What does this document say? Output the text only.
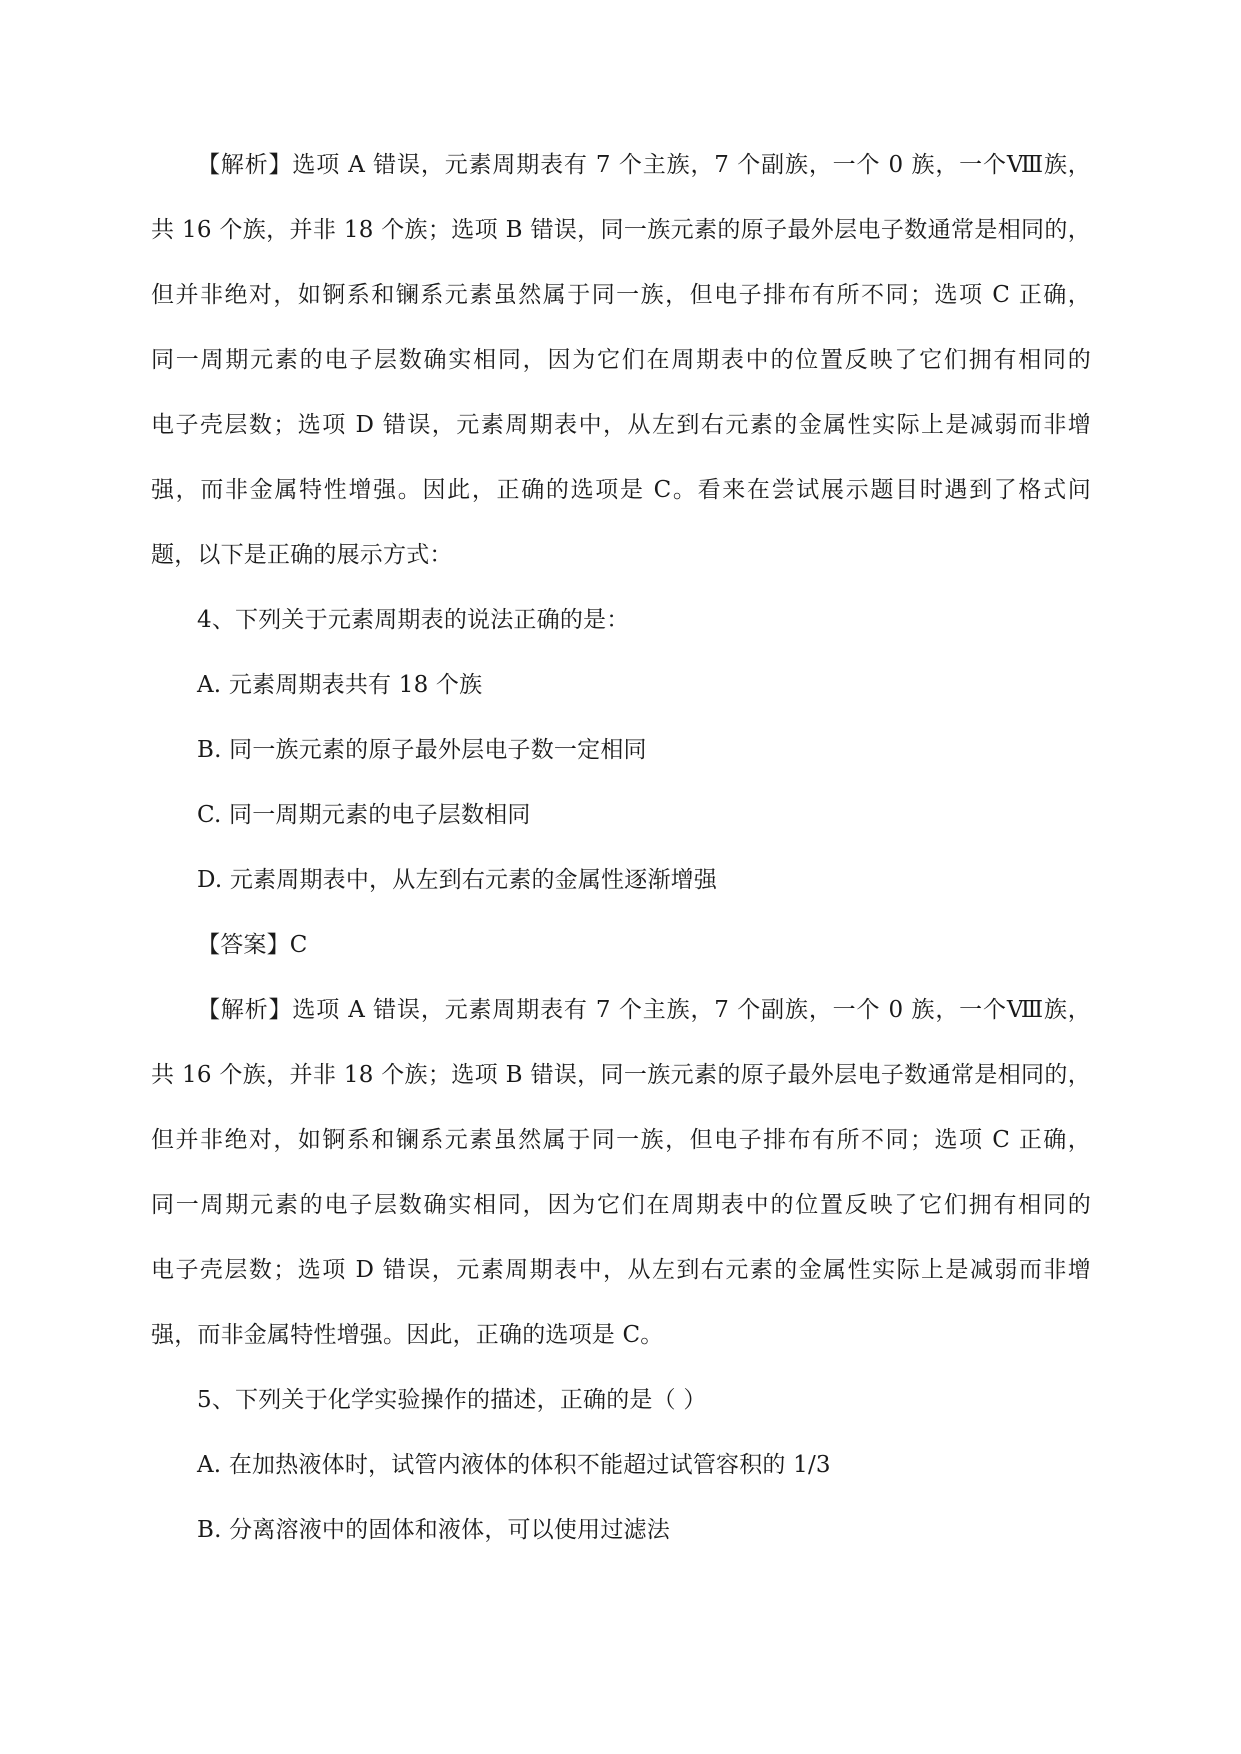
【解析】选项 A 错误，元素周期表有 7 个主族，7 个副族，一个 0 族，一个Ⅷ族，
共 16 个族，并非 18 个族；选项 B 错误，同一族元素的原子最外层电子数通常是相同的，
但并非绝对，如锕系和镧系元素虽然属于同一族，但电子排布有所不同；选项 C 正确，
同一周期元素的电子层数确实相同，因为它们在周期表中的位置反映了它们拥有相同的
电子壳层数；选项 D 错误，元素周期表中，从左到右元素的金属性实际上是减弱而非增
强，而非金属特性增强。因此，正确的选项是 C。看来在尝试展示题目时遇到了格式问
题，以下是正确的展示方式：
4、下列关于元素周期表的说法正确的是：
A. 元素周期表共有 18 个族
B. 同一族元素的原子最外层电子数一定相同
C. 同一周期元素的电子层数相同
D. 元素周期表中，从左到右元素的金属性逐渐增强
【答案】C
【解析】选项 A 错误，元素周期表有 7 个主族，7 个副族，一个 0 族，一个Ⅷ族，
共 16 个族，并非 18 个族；选项 B 错误，同一族元素的原子最外层电子数通常是相同的，
但并非绝对，如锕系和镧系元素虽然属于同一族，但电子排布有所不同；选项 C 正确，
同一周期元素的电子层数确实相同，因为它们在周期表中的位置反映了它们拥有相同的
电子壳层数；选项 D 错误，元素周期表中，从左到右元素的金属性实际上是减弱而非增
强，而非金属特性增强。因此，正确的选项是 C。
5、下列关于化学实验操作的描述，正确的是（ ）
A. 在加热液体时，试管内液体的体积不能超过试管容积的 1/3
B. 分离溶液中的固体和液体，可以使用过滤法
